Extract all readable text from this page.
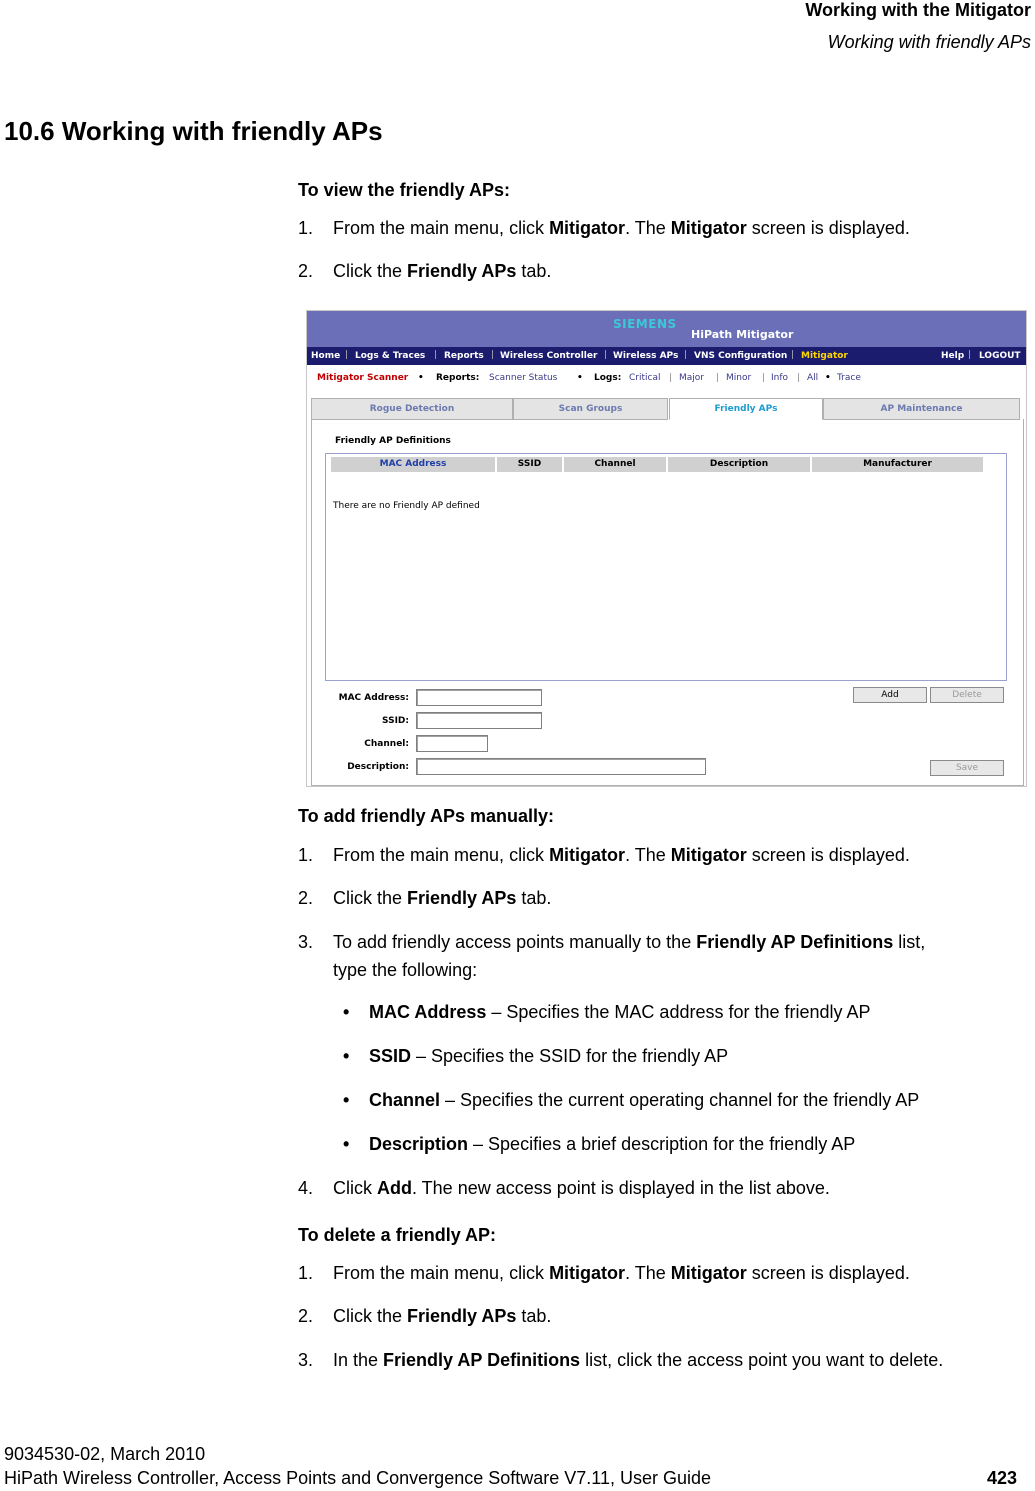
Working with the Mitigator
Working with friendly APs
10.6 Working with friendly APs
To view the friendly APs:
1. From the main menu, click Mitigator. The Mitigator screen is displayed.
2. Click the Friendly APs tab.
SIEMENS
HiPath Mitigator
Home | Logs & Traces | Reports | Wireless Controller | Wireless APs | VNS Configuration | Mitigator	Help | LOGOUT
Mitigator Scanner • Reports: Scanner Status • Logs: Critical | Major | Minor | Info | All • Trace
Rogue Detection	Scan Groups	Friendly APs	AP Maintenance
Friendly AP Definitions
MAC Address	SSID	Channel	Description	Manufacturer
There are no Friendly AP defined
MAC Address:
SSID:
Channel:
Description:
Add	Delete
Save
To add friendly APs manually:
1. From the main menu, click Mitigator. The Mitigator screen is displayed.
2. Click the Friendly APs tab.
3. To add friendly access points manually to the Friendly AP Definitions list,
type the following:
• MAC Address – Specifies the MAC address for the friendly AP
• SSID – Specifies the SSID for the friendly AP
• Channel – Specifies the current operating channel for the friendly AP
• Description – Specifies a brief description for the friendly AP
4. Click Add. The new access point is displayed in the list above.
To delete a friendly AP:
1. From the main menu, click Mitigator. The Mitigator screen is displayed.
2. Click the Friendly APs tab.
3. In the Friendly AP Definitions list, click the access point you want to delete.
9034530-02, March 2010
HiPath Wireless Controller, Access Points and Convergence Software V7.11, User Guide	423
